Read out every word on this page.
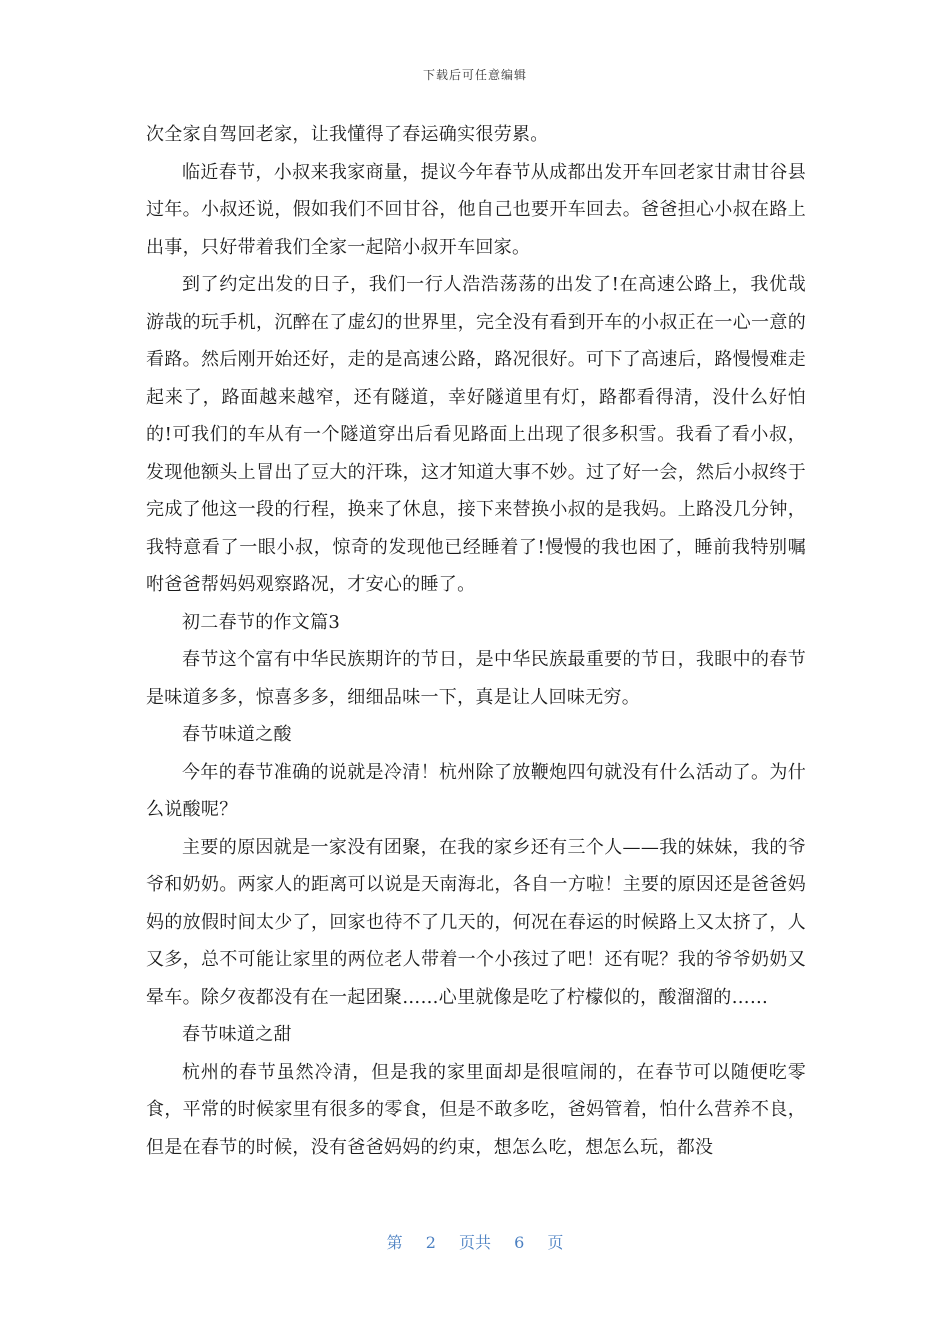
下载后可任意编辑

次全家自驾回老家，让我懂得了春运确实很劳累。

临近春节，小叔来我家商量，提议今年春节从成都出发开车回老家甘肃甘谷县过年。小叔还说，假如我们不回甘谷，他自己也要开车回去。爸爸担心小叔在路上出事，只好带着我们全家一起陪小叔开车回家。

到了约定出发的日子，我们一行人浩浩荡荡的出发了!在高速公路上，我优哉游哉的玩手机，沉醉在了虚幻的世界里，完全没有看到开车的小叔正在一心一意的看路。然后刚开始还好，走的是高速公路，路况很好。可下了高速后，路慢慢难走起来了，路面越来越窄，还有隧道，幸好隧道里有灯，路都看得清，没什么好怕的!可我们的车从有一个隧道穿出后看见路面上出现了很多积雪。我看了看小叔，发现他额头上冒出了豆大的汗珠，这才知道大事不妙。过了好一会，然后小叔终于完成了他这一段的行程，换来了休息，接下来替换小叔的是我妈。上路没几分钟，我特意看了一眼小叔，惊奇的发现他已经睡着了!慢慢的我也困了，睡前我特别嘱咐爸爸帮妈妈观察路况，才安心的睡了。

初二春节的作文篇3

春节这个富有中华民族期许的节日，是中华民族最重要的节日，我眼中的春节是味道多多，惊喜多多，细细品味一下，真是让人回味无穷。

春节味道之酸

今年的春节准确的说就是冷清！杭州除了放鞭炮四句就没有什么活动了。为什么说酸呢？

主要的原因就是一家没有团聚，在我的家乡还有三个人——我的妹妹，我的爷爷和奶奶。两家人的距离可以说是天南海北，各自一方啦！主要的原因还是爸爸妈妈的放假时间太少了，回家也待不了几天的，何况在春运的时候路上又太挤了，人又多，总不可能让家里的两位老人带着一个小孩过了吧！还有呢？我的爷爷奶奶又晕车。除夕夜都没有在一起团聚……心里就像是吃了柠檬似的，酸溜溜的……

春节味道之甜

杭州的春节虽然冷清，但是我的家里面却是很喧闹的，在春节可以随便吃零食，平常的时候家里有很多的零食，但是不敢多吃，爸妈管着，怕什么营养不良，但是在春节的时候，没有爸爸妈妈的约束，想怎么吃，想怎么玩，都没

第 2 页共 6 页
